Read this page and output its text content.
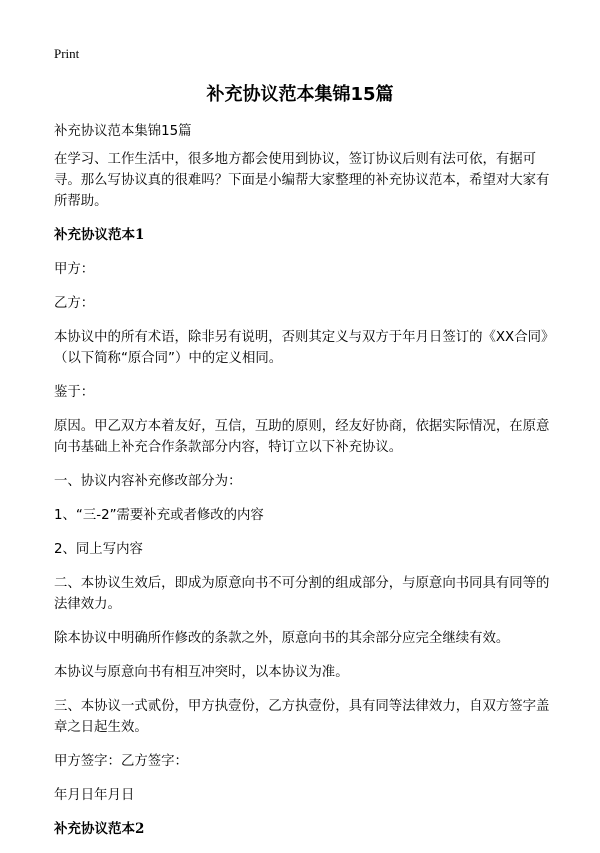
Print
补充协议范本集锦15篇

补充协议范本集锦15篇

在学习、工作生活中，很多地方都会使用到协议，签订协议后则有法可依，有据可寻。那么写协议真的很难吗？下面是小编帮大家整理的补充协议范本，希望对大家有所帮助。

补充协议范本1

甲方：

乙方：

本协议中的所有术语，除非另有说明，否则其定义与双方于年月日签订的《XX合同》（以下简称“原合同”）中的定义相同。

鉴于：

原因。甲乙双方本着友好，互信，互助的原则，经友好协商，依据实际情况，在原意向书基础上补充合作条款部分内容，特订立以下补充协议。

一、协议内容补充修改部分为：

1、“三-2”需要补充或者修改的内容

2、同上写内容

二、本协议生效后，即成为原意向书不可分割的组成部分，与原意向书同具有同等的法律效力。

除本协议中明确所作修改的条款之外，原意向书的其余部分应完全继续有效。

本协议与原意向书有相互冲突时，以本协议为准。

三、本协议一式贰份，甲方执壹份，乙方执壹份，具有同等法律效力，自双方签字盖章之日起生效。

甲方签字：乙方签字：

年月日年月日

补充协议范本2
